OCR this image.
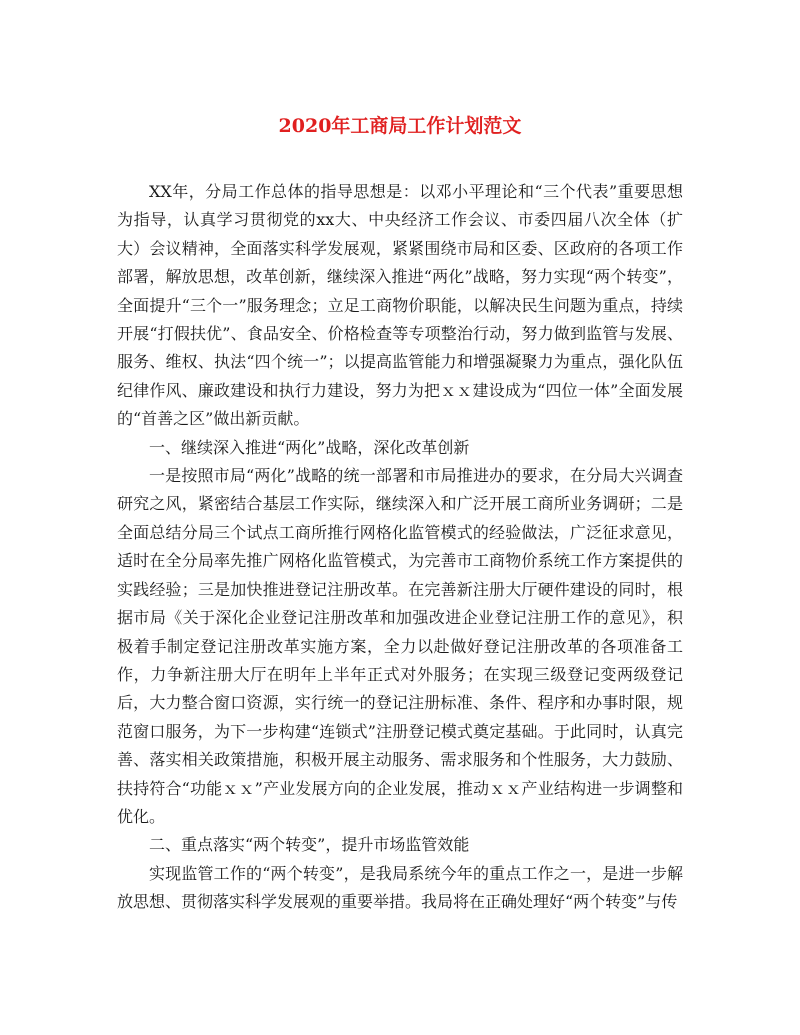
2020年工商局工作计划范文

XX年，分局工作总体的指导思想是：以邓小平理论和“三个代表”重要思想为指导，认真学习贯彻党的xx大、中央经济工作会议、市委四届八次全体（扩大）会议精神，全面落实科学发展观，紧紧围绕市局和区委、区政府的各项工作部署，解放思想，改革创新，继续深入推进“两化”战略，努力实现“两个转变”，全面提升“三个一”服务理念；立足工商物价职能，以解决民生问题为重点，持续开展“打假扶优”、食品安全、价格检查等专项整治行动，努力做到监管与发展、服务、维权、执法“四个统一”；以提高监管能力和增强凝聚力为重点，强化队伍纪律作风、廉政建设和执行力建设，努力为把ｘｘ建设成为“四位一体”全面发展的“首善之区”做出新贡献。

一、继续深入推进“两化”战略，深化改革创新

一是按照市局“两化”战略的统一部署和市局推进办的要求，在分局大兴调查研究之风，紧密结合基层工作实际，继续深入和广泛开展工商所业务调研；二是全面总结分局三个试点工商所推行网格化监管模式的经验做法，广泛征求意见，适时在全分局率先推广网格化监管模式，为完善市工商物价系统工作方案提供的实践经验；三是加快推进登记注册改革。在完善新注册大厅硬件建设的同时，根据市局《关于深化企业登记注册改革和加强改进企业登记注册工作的意见》，积极着手制定登记注册改革实施方案，全力以赴做好登记注册改革的各项准备工作，力争新注册大厅在明年上半年正式对外服务；在实现三级登记变两级登记后，大力整合窗口资源，实行统一的登记注册标准、条件、程序和办事时限，规范窗口服务，为下一步构建“连锁式”注册登记模式奠定基础。于此同时，认真完善、落实相关政策措施，积极开展主动服务、需求服务和个性服务，大力鼓励、扶持符合“功能ｘｘ”产业发展方向的企业发展，推动ｘｘ产业结构进一步调整和优化。

二、重点落实“两个转变”，提升市场监管效能

实现监管工作的“两个转变”，是我局系统今年的重点工作之一，是进一步解放思想、贯彻落实科学发展观的重要举措。我局将在正确处理好“两个转变”与传
